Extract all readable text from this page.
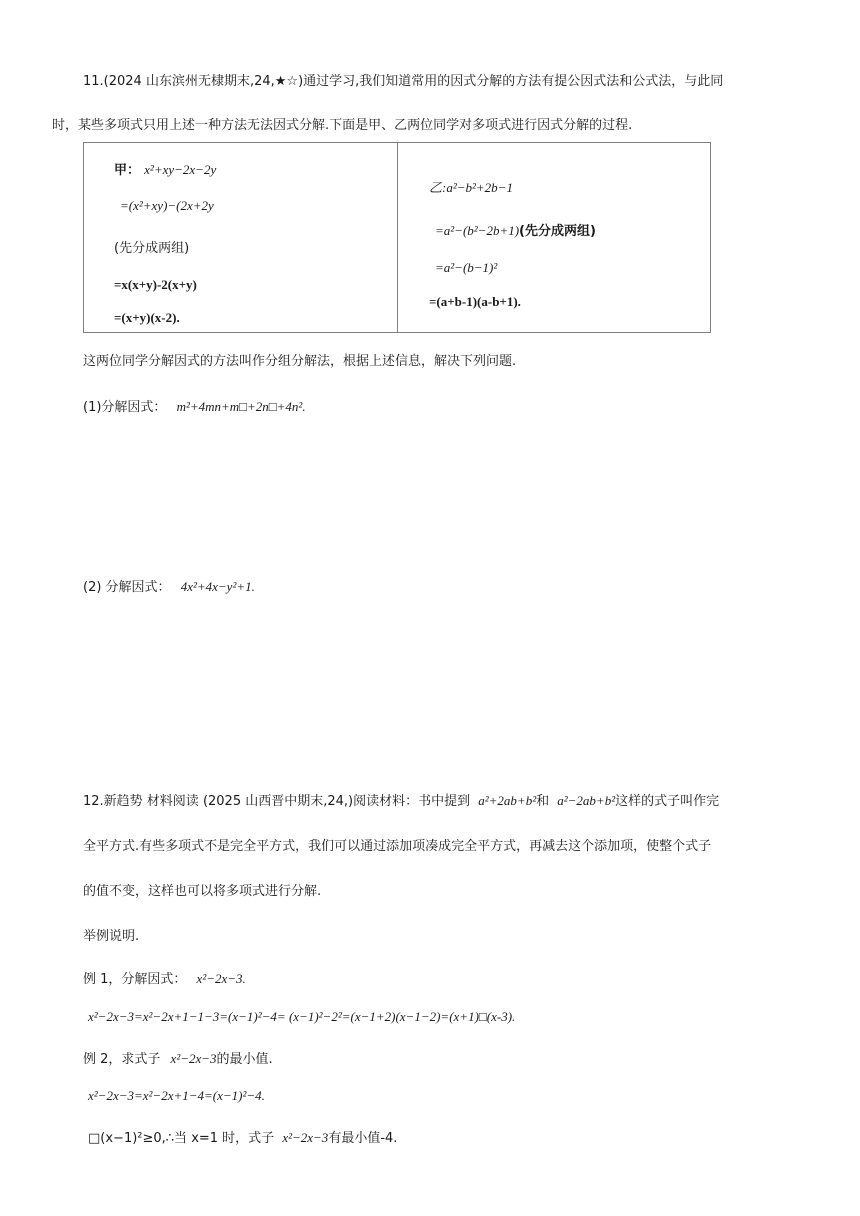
11.(2024 山东滨州无棣期末,24,★☆)通过学习,我们知道常用的因式分解的方法有提公因式法和公式法，与此同
时，某些多项式只用上述一种方法无法因式分解.下面是甲、乙两位同学对多项式进行因式分解的过程.
甲： x²+xy−2x−2y
=(x²+xy)−(2x+2y
(先分成两组)
=x(x+y)-2(x+y)
=(x+y)(x-2).
乙:a²−b²+2b−1
=a²−(b²−2b+1)(先分成两组)
=a²−(b−1)²
=(a+b-1)(a-b+1).
这两位同学分解因式的方法叫作分组分解法，根据上述信息，解决下列问题.
(1)分解因式： m²+4mn+m□+2n□+4n².
(2) 分解因式： 4x²+4x−y²+1.
12.新趋势 材料阅读 (2025 山西晋中期末,24,)阅读材料：书中提到 a²+2ab+b²和 a²−2ab+b²这样的式子叫作完
全平方式.有些多项式不是完全平方式，我们可以通过添加项凑成完全平方式，再减去这个添加项，使整个式子
的值不变，这样也可以将多项式进行分解.
举例说明.
例 1，分解因式： x²−2x−3.
x²−2x−3=x²−2x+1−1−3=(x−1)²−4= (x−1)²−2²=(x−1+2)(x−1−2)=(x+1)□(x-3).
例 2，求式子 x²−2x−3的最小值.
x²−2x−3=x²−2x+1−4=(x−1)²−4.
□(x−1)²≥0,∴当 x=1 时，式子 x²−2x−3有最小值-4.
